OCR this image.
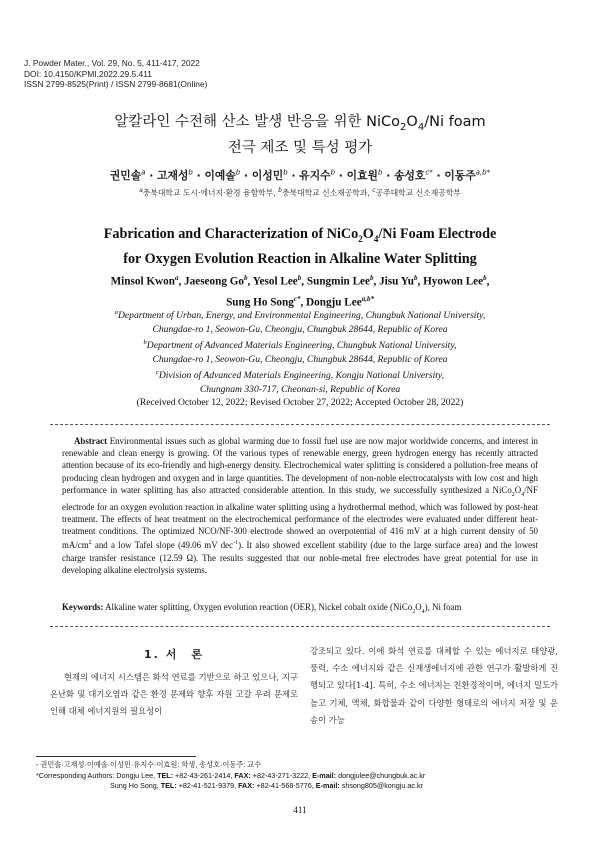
J. Powder Mater., Vol. 29, No. 5, 411-417, 2022
DOI: 10.4150/KPMI.2022.29.5.411
ISSN 2799-8525(Print) / ISSN 2799-8681(Online)
알칼라인 수전해 산소 발생 반응을 위한 $NiCo_2O_4/Ni$ foam
전극 제조 및 특성 평가
권민솔$^a$ · 고재성$^b$ · 이예솔$^b$ · 이성민$^b$ · 유지수$^b$ · 이효원$^b$ · 송성호$^{c*}$ · 이동주$^{a,b*}$
$^a$충북대학교 도시·에너지·환경 융합학부, $^b$충북대학교 신소재공학과, $^c$공주대학교 신소재공학부
Fabrication and Characterization of $NiCo_2O_4/Ni$ Foam Electrode
for Oxygen Evolution Reaction in Alkaline Water Splitting
Minsol Kwon$^a$, Jaeseong Go$^b$, Yesol Lee$^b$, Sungmin Lee$^b$, Jisu Yu$^b$, Hyowon Lee$^b$,
Sung Ho Song$^{c*}$, Dongju Lee$^{a,b*}$
$^a$Department of Urban, Energy, and Environmental Engineering, Chungbuk National University,
Chungdae-ro 1, Seowon-Gu, Cheongju, Chungbuk 28644, Republic of Korea
$^b$Department of Advanced Materials Engineering, Chungbuk National University,
Chungdae-ro 1, Seowon-Gu, Cheongju, Chungbuk 28644, Republic of Korea
$^c$Division of Advanced Materials Engineering, Kongju National University,
Chungnam 330-717, Cheonan-si, Republic of Korea
(Received October 12, 2022; Revised October 27, 2022; Accepted October 28, 2022)
Abstract Environmental issues such as global warming due to fossil fuel use are now major worldwide concerns, and interest in renewable and clean energy is growing. Of the various types of renewable energy, green hydrogen energy has recently attracted attention because of its eco-friendly and high-energy density. Electrochemical water splitting is considered a pollution-free means of producing clean hydrogen and oxygen and in large quantities. The development of non-noble electrocatalysts with low cost and high performance in water splitting has also attracted considerable attention. In this study, we successfully synthesized a $NiCo_2O_4/NF$ electrode for an oxygen evolution reaction in alkaline water splitting using a hydrothermal method, which was followed by post-heat treatment. The effects of heat treatment on the electrochemical performance of the electrodes were evaluated under different heat-treatment conditions. The optimized NCO/NF-300 electrode showed an overpotential of 416 mV at a high current density of 50 $mA/cm^2$ and a low Tafel slope (49.06 mV dec$^{-1}$). It also showed excellent stability (due to the large surface area) and the lowest charge transfer resistance (12.59 Ω). The results suggested that our noble-metal free electrodes have great potential for use in developing alkaline electrolysis systems.
Keywords: Alkaline water splitting, Oxygen evolution reaction (OER), Nickel cobalt oxide $(NiCo_2O_4)$, Ni foam
1. 서　론

현재의 에너지 시스템은 화석 연료를 기반으로 하고 있으나, 지구온난화 및 대기오염과 같은 환경 문제와 향후 자원 고갈 우려 문제로 인해 대체 에너지원의 필요성이

강조되고 있다. 이에 화석 연료를 대체할 수 있는 에너지로 태양광, 풍력, 수소 에너지와 같은 신재생에너지에 관한 연구가 활발하게 진행되고 있다[1-4]. 특히, 수소 에너지는 친환경적이며, 에너지 밀도가 높고 기체, 액체, 화합물과 같이 다양한 형태로의 에너지 저장 및 운송이 가능

- 권민솔·고재성·이예솔·이성민·유지수·이효원: 학생, 송성호·이동주: 교수
*Corresponding Authors: Dongju Lee, TEL: +82-43-261-2414, FAX: +82-43-271-3222, E-mail: dongjulee@chungbuk.ac.kr
Sung Ho Song, TEL: +82-41-521-9379, FAX: +82-41-568-5776, E-mail: shsong805@kongju.ac.kr
411
